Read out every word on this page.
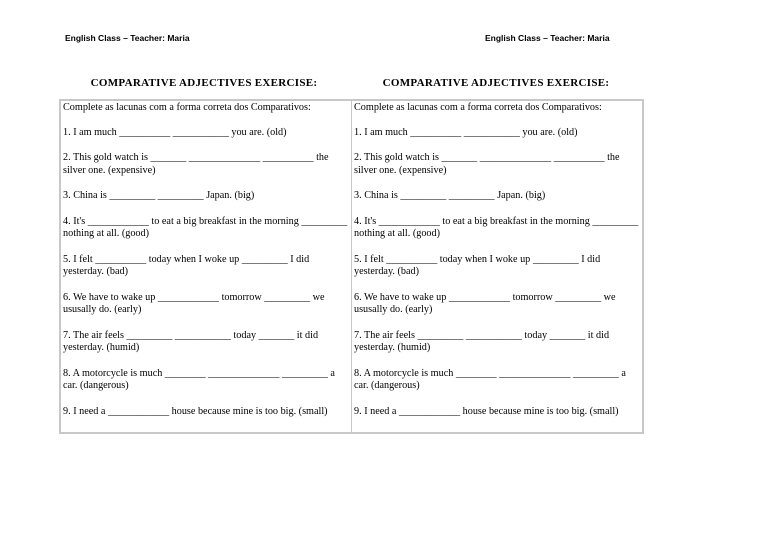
English Class – Teacher: Maria	English Class – Teacher: Maria
COMPARATIVE ADJECTIVES EXERCISE:	COMPARATIVE ADJECTIVES EXERCISE:
Complete as lacunas com a forma correta dos Comparativos:
1. I am much __________ ___________ you are. (old)
2. This gold watch is _______ ______________ __________ the silver one. (expensive)
3. China is _________ _________ Japan. (big)
4. It's ____________ to eat a big breakfast in the morning _________ nothing at all. (good)
5. I felt __________ today when I woke up _________ I did yesterday. (bad)
6. We have to wake up ____________ tomorrow _________ we ususally do. (early)
7. The air feels _________ ___________ today _______ it did yesterday. (humid)
8. A motorcycle is much ________ ______________ _________ a car. (dangerous)
9. I need a ____________ house because mine is too big. (small)
Complete as lacunas com a forma correta dos Comparativos:
1. I am much __________ ___________ you are. (old)
2. This gold watch is _______ ______________ __________ the silver one. (expensive)
3. China is _________ _________ Japan. (big)
4. It's ____________ to eat a big breakfast in the morning _________ nothing at all. (good)
5. I felt __________ today when I woke up _________ I did yesterday. (bad)
6. We have to wake up ____________ tomorrow _________ we ususally do. (early)
7. The air feels _________ ___________ today _______ it did yesterday. (humid)
8. A motorcycle is much ________ ______________ _________ a car. (dangerous)
9. I need a ____________ house because mine is too big. (small)
